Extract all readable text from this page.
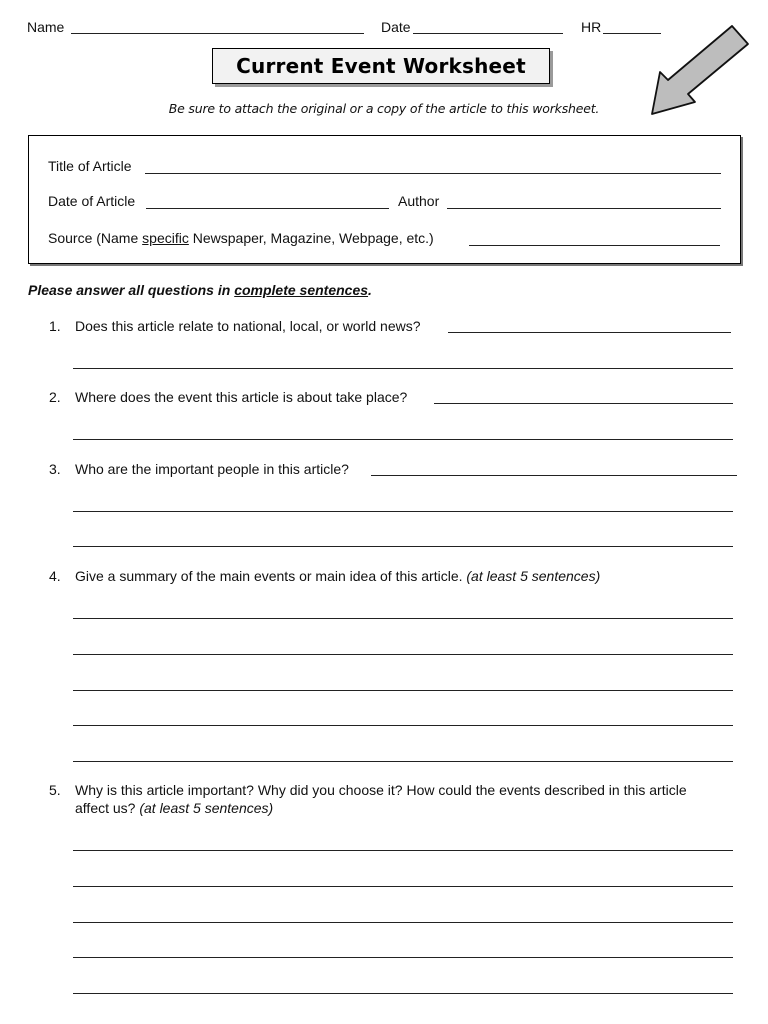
Name	Date	HR
Current Event Worksheet
Be sure to attach the original or a copy of the article to this worksheet.
Title of Article
Date of Article	Author
Source (Name specific Newspaper, Magazine, Webpage, etc.)
Please answer all questions in complete sentences.
1. Does this article relate to national, local, or world news?
2. Where does the event this article is about take place?
3. Who are the important people in this article?
4. Give a summary of the main events or main idea of this article. (at least 5 sentences)
5. Why is this article important? Why did you choose it? How could the events described in this article affect us? (at least 5 sentences)
